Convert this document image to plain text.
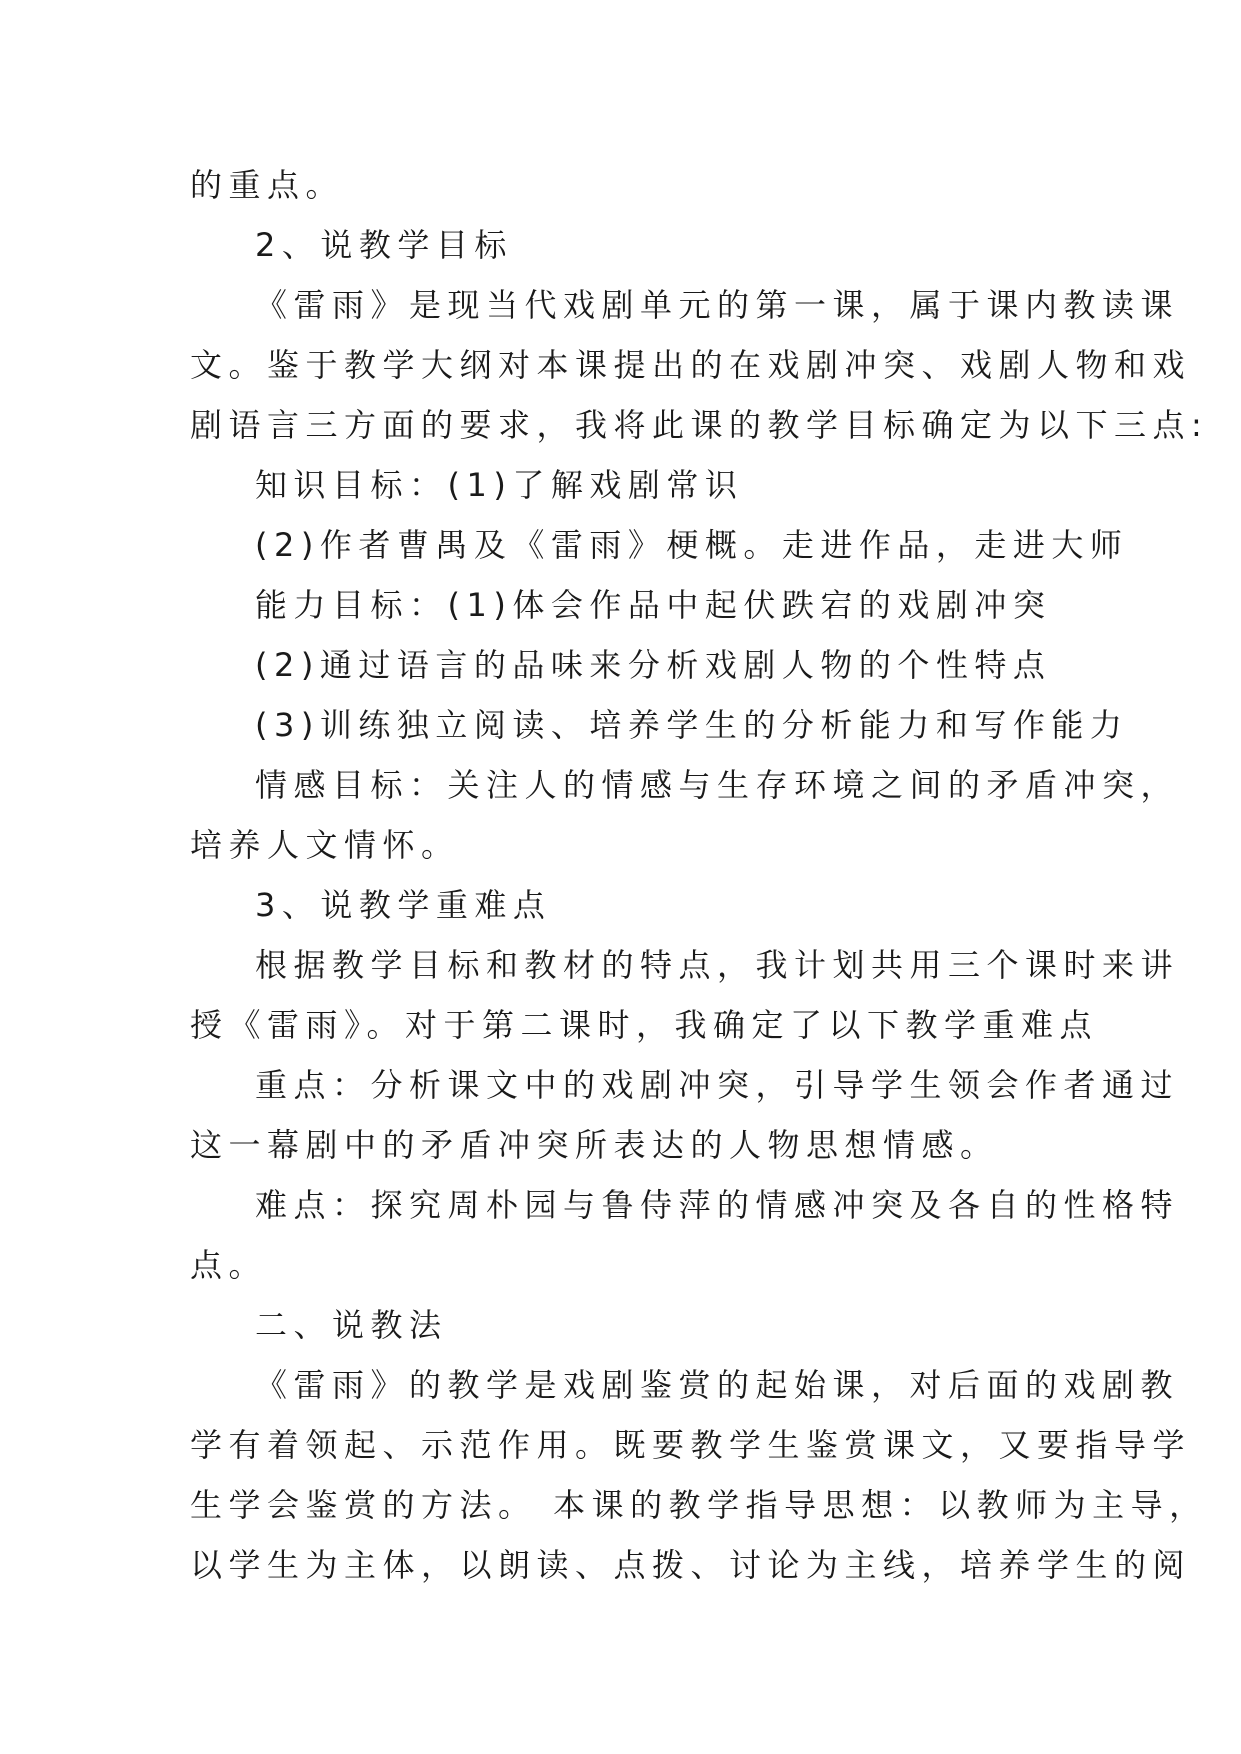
的重点。
2、说教学目标
《雷雨》是现当代戏剧单元的第一课，属于课内教读课
文。鉴于教学大纲对本课提出的在戏剧冲突、戏剧人物和戏
剧语言三方面的要求，我将此课的教学目标确定为以下三点:
知识目标：(1)了解戏剧常识
(2)作者曹禺及《雷雨》梗概。走进作品，走进大师
能力目标：(1)体会作品中起伏跌宕的戏剧冲突
(2)通过语言的品味来分析戏剧人物的个性特点
(3)训练独立阅读、培养学生的分析能力和写作能力
情感目标：关注人的情感与生存环境之间的矛盾冲突，
培养人文情怀。
3、说教学重难点
根据教学目标和教材的特点，我计划共用三个课时来讲
授《雷雨》。对于第二课时，我确定了以下教学重难点
重点：分析课文中的戏剧冲突，引导学生领会作者通过
这一幕剧中的矛盾冲突所表达的人物思想情感。
难点：探究周朴园与鲁侍萍的情感冲突及各自的性格特
点。
二、说教法
《雷雨》的教学是戏剧鉴赏的起始课，对后面的戏剧教
学有着领起、示范作用。既要教学生鉴赏课文，又要指导学
生学会鉴赏的方法。 本课的教学指导思想：以教师为主导，
以学生为主体，以朗读、点拨、讨论为主线，培养学生的阅
